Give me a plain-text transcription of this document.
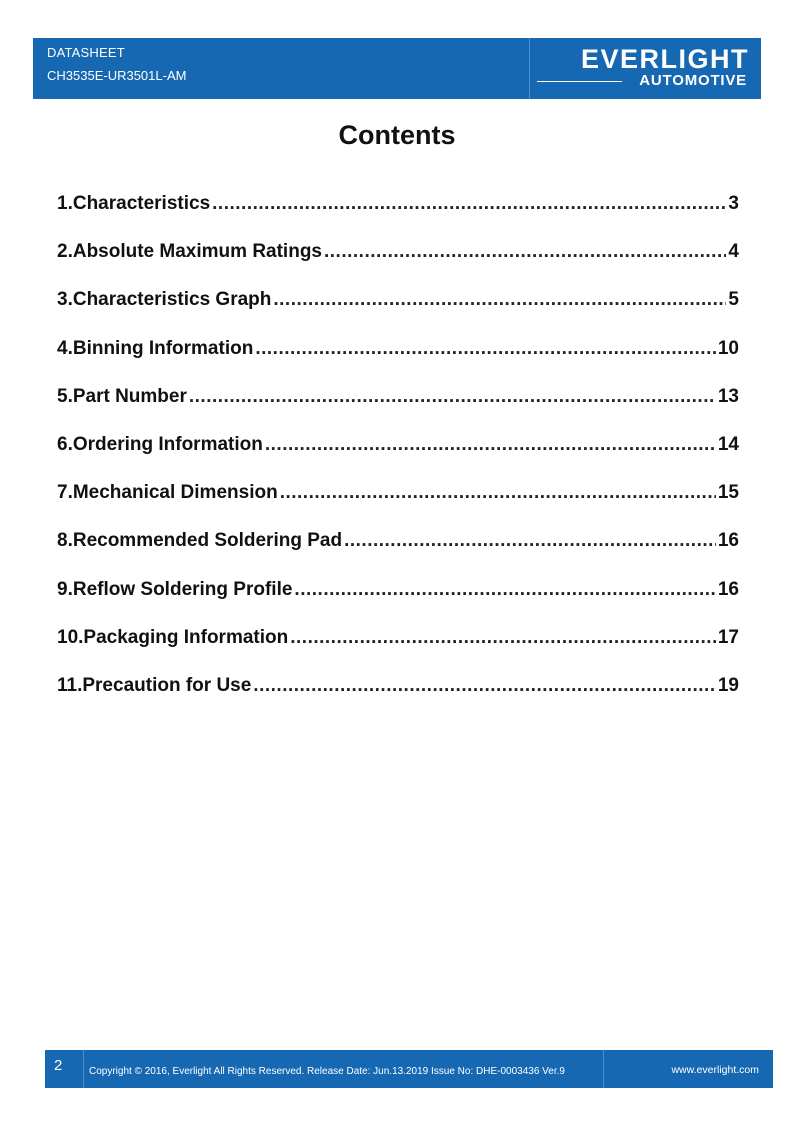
DATASHEET
CH3535E-UR3501L-AM
EVERLIGHT
AUTOMOTIVE
Contents
1.Characteristics .....	3
2.Absolute Maximum Ratings .....	4
3.Characteristics Graph .....	5
4.Binning Information .....	10
5.Part Number .....	13
6.Ordering Information .....	14
7.Mechanical Dimension .....	15
8.Recommended Soldering Pad .....	16
9.Reflow Soldering Profile .....	16
10.Packaging Information .....	17
11.Precaution for Use .....	19
2	Copyright © 2016, Everlight All Rights Reserved. Release Date: Jun.13.2019 Issue No: DHE-0003436 Ver.9	www.everlight.com
